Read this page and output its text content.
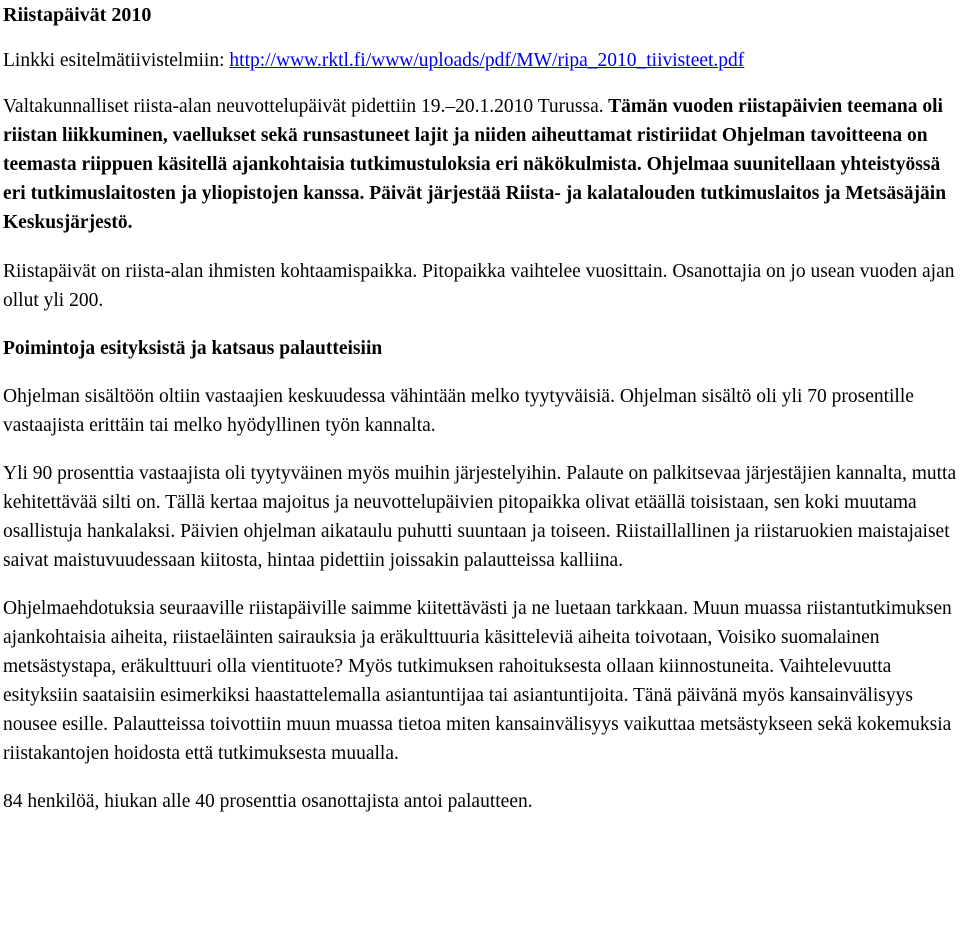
Riistapäivät 2010

Linkki esitelmätiivistelmiin: http://www.rktl.fi/www/uploads/pdf/MW/ripa_2010_tiivisteet.pdf

Valtakunnalliset riista-alan neuvottelupäivät pidettiin 19.–20.1.2010 Turussa. Tämän vuoden riistapäivien teemana oli riistan liikkuminen, vaellukset sekä runsastuneet lajit ja niiden aiheuttamat ristiriidat Ohjelman tavoitteena on teemasta riippuen käsitellä ajankohtaisia tutkimustuloksia eri näkökulmista. Ohjelmaa suunitellaan yhteistyössä eri tutkimuslaitosten ja yliopistojen kanssa. Päivät järjestää Riista- ja kalatalouden tutkimuslaitos ja Metsäsäjäin Keskusjärjestö.

Riistapäivät on riista-alan ihmisten kohtaamispaikka. Pitopaikka vaihtelee vuosittain. Osanottajia on jo usean vuoden ajan ollut yli 200.

Poimintoja esityksistä ja katsaus palautteisiin

Ohjelman sisältöön oltiin vastaajien keskuudessa vähintään melko tyytyväisiä. Ohjelman sisältö oli yli 70 prosentille vastaajista erittäin tai melko hyödyllinen työn kannalta.

Yli 90 prosenttia vastaajista oli tyytyväinen myös muihin järjestelyihin. Palaute on palkitsevaa järjestäjien kannalta, mutta kehitettävää silti on. Tällä kertaa majoitus ja neuvottelupäivien pitopaikka olivat etäällä toisistaan, sen koki muutama osallistuja hankalaksi. Päivien ohjelman aikataulu puhutti suuntaan ja toiseen. Riistaillallinen ja riistaruokien maistajaiset saivat maistuvuudessaan kiitosta, hintaa pidettiin joissakin palautteissa kalliina.

Ohjelmaehdotuksia seuraaville riistapäiville saimme kiitettävästi ja ne luetaan tarkkaan. Muun muassa riistantutkimuksen ajankohtaisia aiheita, riistaeläinten sairauksia ja eräkulttuuria käsitteleviä aiheita toivotaan, Voisiko suomalainen metsästystapa, eräkulttuuri olla vientituote? Myös tutkimuksen rahoituksesta ollaan kiinnostuneita. Vaihtelevuutta esityksiin saataisiin esimerkiksi haastattelemalla asiantuntijaa tai asiantuntijoita. Tänä päivänä myös kansainvälisyys nousee esille. Palautteissa toivottiin muun muassa tietoa miten kansainvälisyys vaikuttaa metsästykseen sekä kokemuksia riistakantojen hoidosta että tutkimuksesta muualla.

84 henkilöä, hiukan alle 40 prosenttia osanottajista antoi palautteen.
